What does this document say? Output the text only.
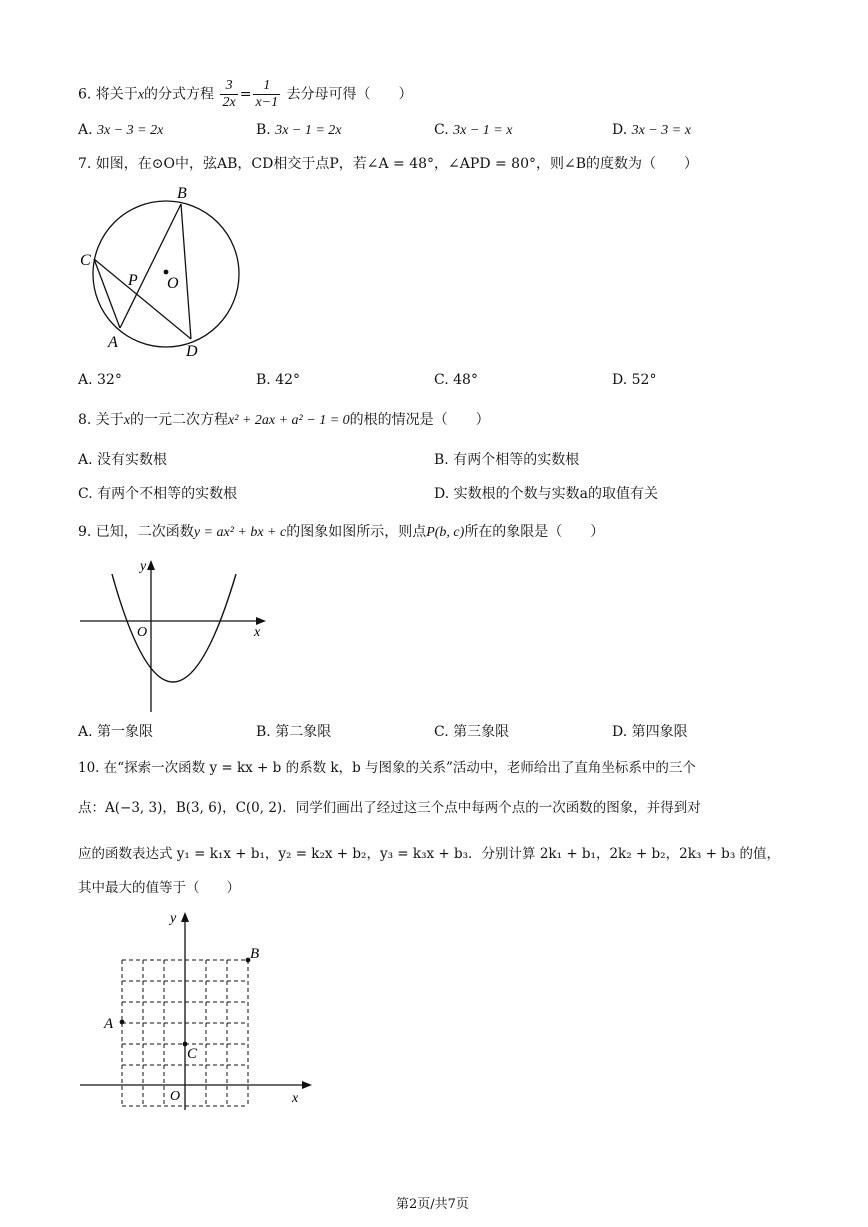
6. 将关于x的分式方程 $\frac{3}{2x} = \frac{1}{x-1}$ 去分母可得（　　）
A. 3x − 3 = 2x	B. 3x − 1 = 2x	C. 3x − 1 = x	D. 3x − 3 = x
7. 如图，在⊙O中，弦AB，CD相交于点P，若∠A = 48°，∠APD = 80°，则∠B的度数为（　　）
B
C
P O
A
D
A. 32°	B. 42°	C. 48°	D. 52°
8. 关于x的一元二次方程x² + 2ax + a² − 1 = 0的根的情况是（　　）
A. 没有实数根	B. 有两个相等的实数根
C. 有两个不相等的实数根	D. 实数根的个数与实数a的取值有关
9. 已知，二次函数y = ax² + bx + c的图象如图所示，则点P(b, c)所在的象限是（　　）
y
O	x
A. 第一象限	B. 第二象限	C. 第三象限	D. 第四象限
10. 在“探索一次函数 y = kx + b 的系数 k，b 与图象的关系”活动中，老师给出了直角坐标系中的三个
点：A(−3, 3)，B(3, 6)，C(0, 2)．同学们画出了经过这三个点中每两个点的一次函数的图象，并得到对
应的函数表达式 y₁ = k₁x + b₁，y₂ = k₂x + b₂，y₃ = k₃x + b₃．分别计算 2k₁ + b₁，2k₂ + b₂，2k₃ + b₃ 的值，
其中最大的值等于（　　）
y
x
O
A
B
C
第2页/共7页
